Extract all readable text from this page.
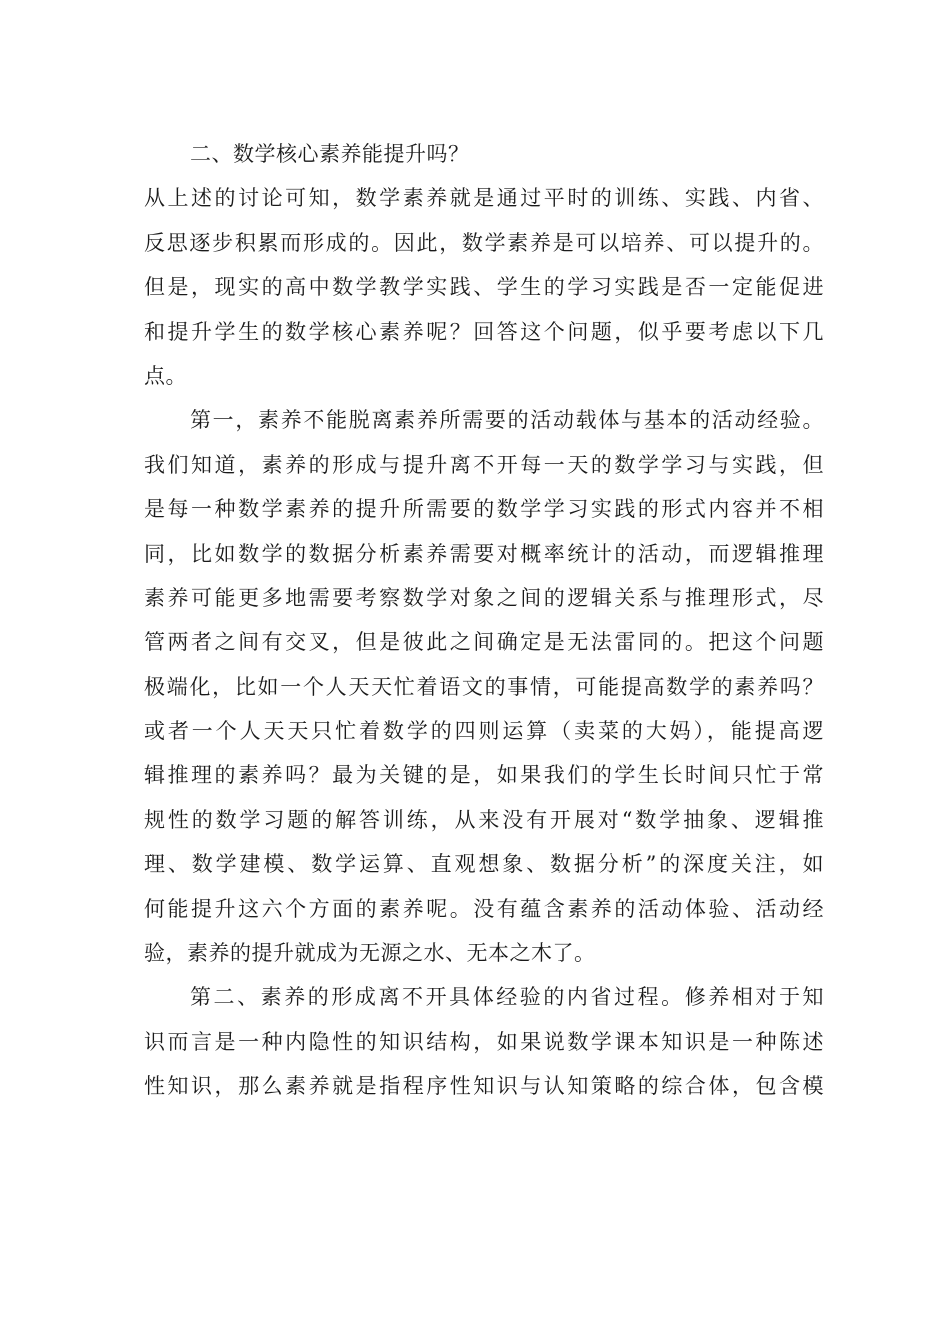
二、数学核心素养能提升吗？
从上述的讨论可知，数学素养就是通过平时的训练、实践、内省、
反思逐步积累而形成的。因此，数学素养是可以培养、可以提升的。
但是，现实的高中数学教学实践、学生的学习实践是否一定能促进
和提升学生的数学核心素养呢？回答这个问题，似乎要考虑以下几
点。
第一，素养不能脱离素养所需要的活动载体与基本的活动经验。
我们知道，素养的形成与提升离不开每一天的数学学习与实践，但
是每一种数学素养的提升所需要的数学学习实践的形式内容并不相
同，比如数学的数据分析素养需要对概率统计的活动，而逻辑推理
素养可能更多地需要考察数学对象之间的逻辑关系与推理形式，尽
管两者之间有交叉，但是彼此之间确定是无法雷同的。把这个问题
极端化，比如一个人天天忙着语文的事情，可能提高数学的素养吗？
或者一个人天天只忙着数学的四则运算（卖菜的大妈），能提高逻
辑推理的素养吗？最为关键的是，如果我们的学生长时间只忙于常
规性的数学习题的解答训练，从来没有开展对“数学抽象、逻辑推
理、数学建模、数学运算、直观想象、数据分析”的深度关注，如
何能提升这六个方面的素养呢。没有蕴含素养的活动体验、活动经
验，素养的提升就成为无源之水、无本之木了。
第二、素养的形成离不开具体经验的内省过程。修养相对于知
识而言是一种内隐性的知识结构，如果说数学课本知识是一种陈述
性知识，那么素养就是指程序性知识与认知策略的综合体，包含模
